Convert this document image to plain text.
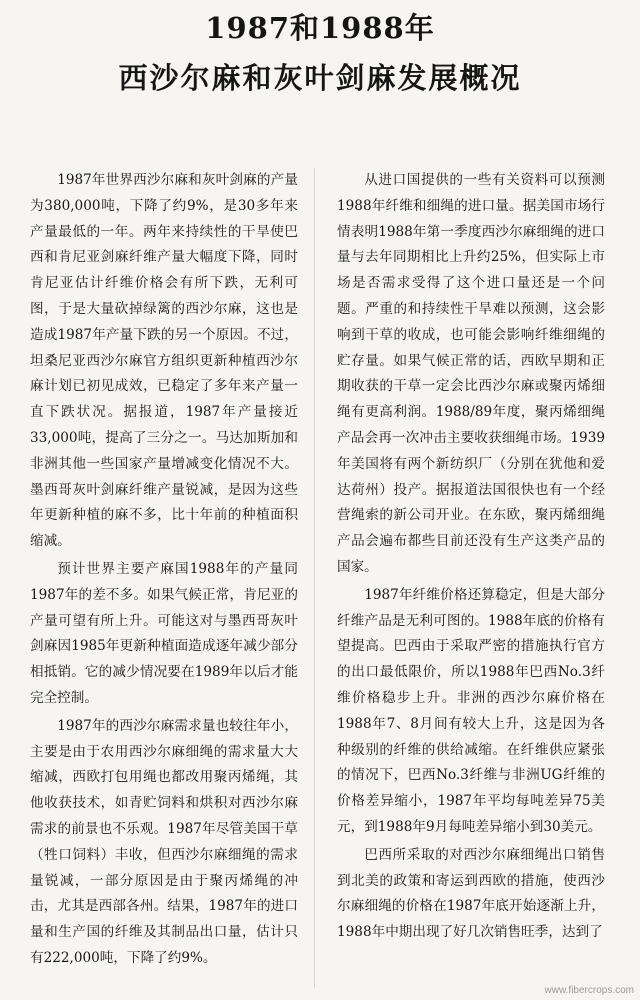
1987和1988年
西沙尔麻和灰叶剑麻发展概况

1987年世界西沙尔麻和灰叶剑麻的产量为380,000吨，下降了约9%，是30多年来产量最低的一年。两年来持续性的干旱使巴西和肯尼亚剑麻纤维产量大幅度下降，同时肯尼亚估计纤维价格会有所下跌，无利可图，于是大量砍掉绿篱的西沙尔麻，这也是造成1987年产量下跌的另一个原因。不过，坦桑尼亚西沙尔麻官方组织更新种植西沙尔麻计划已初见成效，已稳定了多年来产量一直下跌状况。据报道，1987年产量接近33,000吨，提高了三分之一。马达加斯加和非洲其他一些国家产量增减变化情况不大。墨西哥灰叶剑麻纤维产量锐减，是因为这些年更新种植的麻不多，比十年前的种植面积缩减。

预计世界主要产麻国1988年的产量同1987年的差不多。如果气候正常，肯尼亚的产量可望有所上升。可能这对与墨西哥灰叶剑麻因1985年更新种植面造成逐年减少部分相抵销。它的减少情况要在1989年以后才能完全控制。

1987年的西沙尔麻需求量也较往年小，主要是由于农用西沙尔麻细绳的需求量大大缩减，西欧打包用绳也都改用聚丙烯绳，其他收获技术，如青贮饲料和烘积对西沙尔麻需求的前景也不乐观。1987年尽管美国干草（牲口饲料）丰收，但西沙尔麻细绳的需求量锐减，一部分原因是由于聚丙烯绳的冲击，尤其是西部各州。结果，1987年的进口量和生产国的纤维及其制品出口量，估计只有222,000吨，下降了约9%。

从进口国提供的一些有关资料可以预测1988年纤维和细绳的进口量。据美国市场行情表明1988年第一季度西沙尔麻细绳的进口量与去年同期相比上升约25%，但实际上市场是否需求受得了这个进口量还是一个问题。严重的和持续性干旱难以预测，这会影响到干草的收成，也可能会影响纤维细绳的贮存量。如果气候正常的话，西欧早期和正期收获的干草一定会比西沙尔麻或聚丙烯细绳有更高利润。1988/89年度，聚丙烯细绳产品会再一次冲击主要收获细绳市场。1939年美国将有两个新纺织厂（分别在犹他和爱达荷州）投产。据报道法国很快也有一个经营绳索的新公司开业。在东欧，聚丙烯细绳产品会遍布都些目前还没有生产这类产品的国家。

1987年纤维价格还算稳定，但是大部分纤维产品是无利可图的。1988年底的价格有望提高。巴西由于采取严密的措施执行官方的出口最低限价，所以1988年巴西No.3纤维价格稳步上升。非洲的西沙尔麻价格在1988年7、8月间有较大上升，这是因为各种级别的纤维的供给减缩。在纤维供应紧张的情况下，巴西No.3纤维与非洲UG纤维的价格差异缩小，1987年平均每吨差异75美元，到1988年9月每吨差异缩小到30美元。

巴西所采取的对西沙尔麻细绳出口销售到北美的政策和寄运到西欧的措施，使西沙尔麻细绳的价格在1987年底开始逐渐上升，1988年中期出现了好几次销售旺季，达到了

www.fibercrops.com
